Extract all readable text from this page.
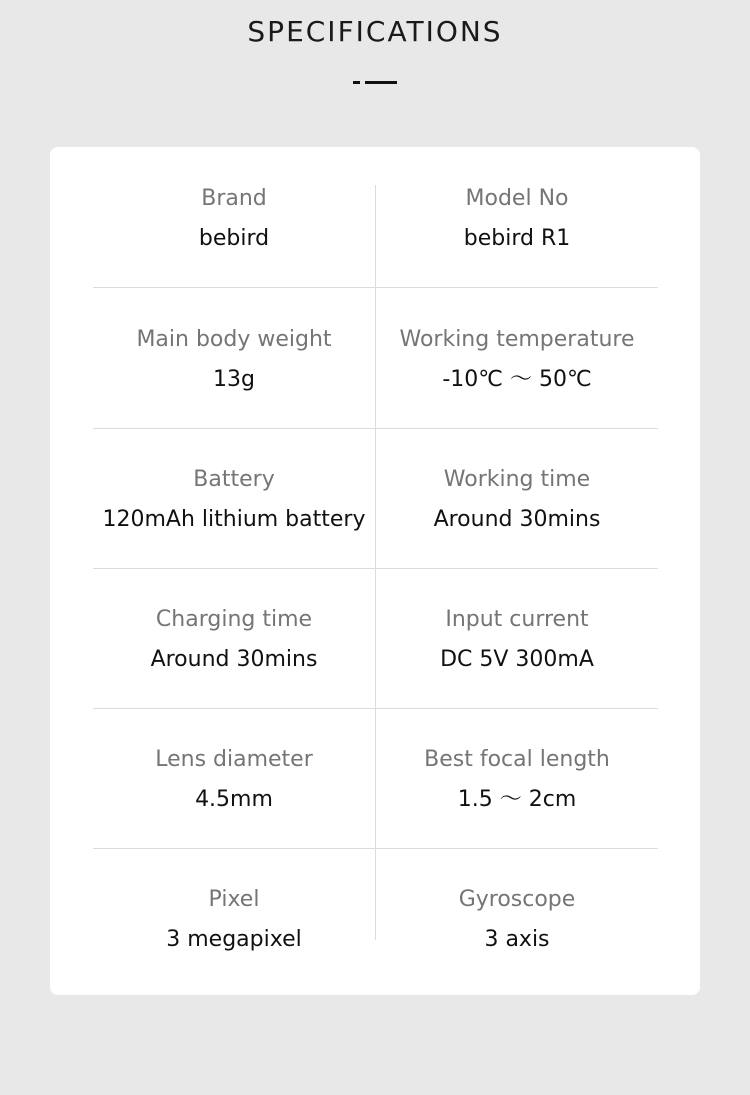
SPECIFICATIONS
Brand
bebird
Model No
bebird R1
Main body weight
13g
Working temperature
-10℃ ～ 50℃
Battery
120mAh lithium battery
Working time
Around 30mins
Charging time
Around 30mins
Input current
DC 5V 300mA
Lens diameter
4.5mm
Best focal length
1.5 ～ 2cm
Pixel
3 megapixel
Gyroscope
3 axis
